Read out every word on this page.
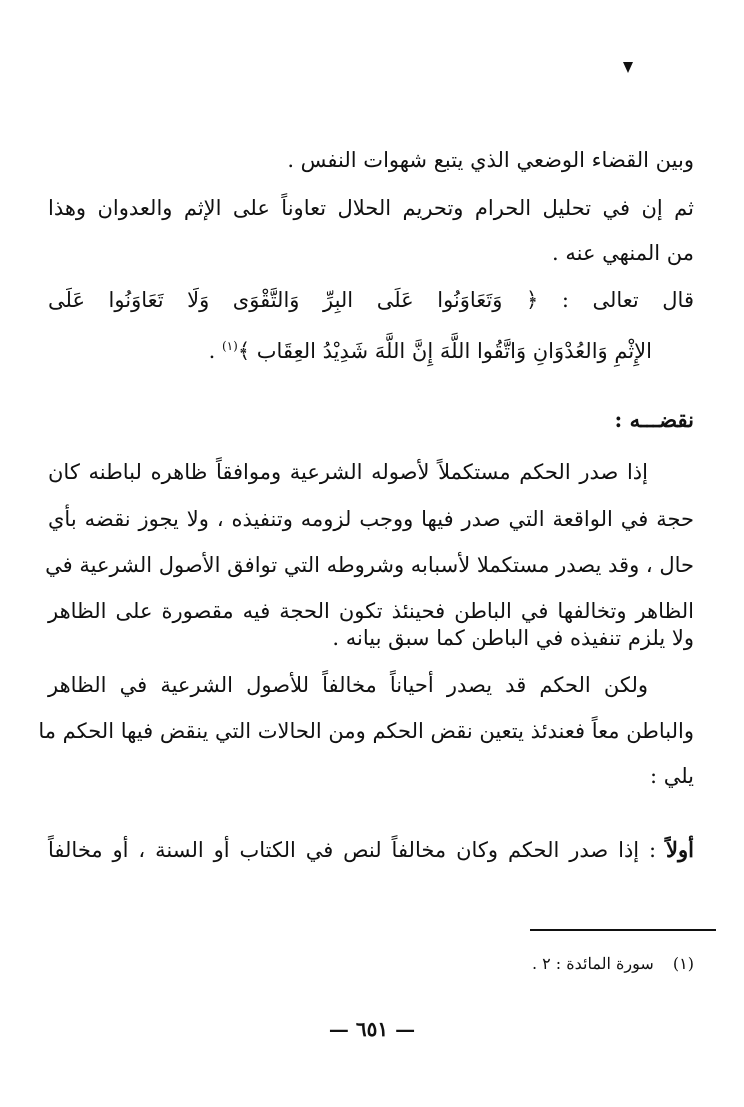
وبين القضاء الوضعي الذي يتبع شهوات النفس .
ثم إن في تحليل الحرام وتحريم الحلال تعاوناً على الإثم والعدوان وهذا
من المنهي عنه .
قال تعالى : ﴿ وَتَعَاوَنُوا عَلَى البِرِّ وَالتَّقْوَى وَلَا تَعَاوَنُوا عَلَى
الإِثْمِ وَالعُدْوَانِ وَاتَّقُوا اللَّهَ إِنَّ اللَّهَ شَدِيْدُ العِقَاب ﴾$^{(١)}$ .
نقضـــه :
إذا صدر الحكم مستكملاً لأصوله الشرعية وموافقاً ظاهره لباطنه كان
حجة في الواقعة التي صدر فيها ووجب لزومه وتنفيذه ، ولا يجوز نقضه بأي
حال ، وقد يصدر مستكملا لأسبابه وشروطه التي توافق الأصول الشرعية في
الظاهر وتخالفها في الباطن فحينئذ تكون الحجة فيه مقصورة على الظاهر
ولا يلزم تنفيذه في الباطن كما سبق بيانه .
ولكن الحكم قد يصدر أحياناً مخالفاً للأصول الشرعية في الظاهر
والباطن معاً فعندئذ يتعين نقض الحكم ومن الحالات التي ينقض فيها الحكم ما
يلي :
أولاً : إذا صدر الحكم وكان مخالفاً لنص في الكتاب أو السنة ، أو مخالفاً
(١) سورة المائدة : ٢ .
— ٦٥١ —
